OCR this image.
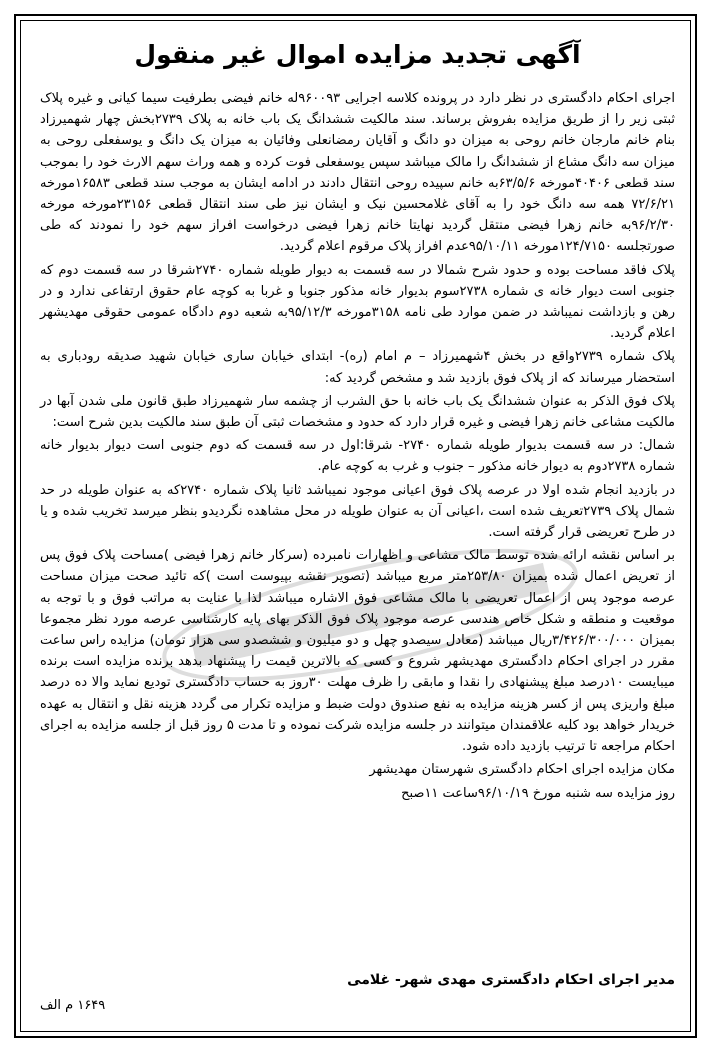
آگهی تجدید مزایده اموال غیر منقول

اجرای احکام دادگستری در نظر دارد در پرونده کلاسه اجرایی ۹۶۰۰۹۳له خانم فیضی بطرفیت سیما کیانی و غیره پلاک ثبتی زیر را از طریق مزایده بفروش برساند. سند مالکیت ششدانگ یک باب خانه به پلاک ۲۷۳۹بخش چهار شهمیرزاد بنام خانم مارجان خانم روحی به میزان دو دانگ و آقایان رمضانعلی وفائیان به میزان یک دانگ و یوسفعلی روحی به میزان سه دانگ مشاع از ششدانگ را مالک میباشد سپس یوسفعلی فوت کرده و همه وراث سهم الارث خود را بموجب سند قطعی ۴۰۴۰۶مورخه ۶۳/۵/۶به خانم سپیده روحی انتقال دادند در ادامه ایشان به موجب سند قطعی ۱۶۵۸۳مورخه ۷۲/۶/۲۱ همه سه دانگ خود را به آقای غلامحسین نیک و ایشان نیز طی سند انتقال قطعی ۲۳۱۵۶مورخه مورخه ۹۶/۲/۳۰به خانم زهرا فیضی منتقل گردید نهایتا خانم زهرا فیضی درخواست افراز سهم خود را نمودند که طی صورتجلسه ۱۲۴/۷۱۵۰مورخه ۹۵/۱۰/۱۱عدم افراز پلاک مرقوم اعلام گردید.

پلاک فاقد مساحت بوده و حدود شرح شمالا در سه قسمت به دیوار طویله شماره ۲۷۴۰شرقا در سه قسمت دوم که جنوبی است دیوار خانه ی شماره ۲۷۳۸سوم بدیوار خانه مذکور جنوبا و غربا به کوچه عام حقوق ارتفاعی ندارد و در رهن و بازداشت نمیباشد در ضمن موارد طی نامه ۳۱۵۸مورخه ۹۵/۱۲/۳به شعبه دوم دادگاه عمومی حقوقی مهدیشهر اعلام گردید.

پلاک شماره ۲۷۳۹واقع در بخش ۴شهمیرزاد – م امام (ره)- ابتدای خیابان ساری خیابان شهید صدیقه رودباری به استحضار میرساند که از پلاک فوق بازدید شد و مشخص گردید که:

پلاک فوق الذکر به عنوان ششدانگ یک باب خانه با حق الشرب از چشمه سار شهمیرزاد طبق قانون ملی شدن آبها در مالکیت مشاعی خانم زهرا فیضی و غیره قرار دارد که حدود و مشخصات ثبتی آن طبق سند مالکیت بدین شرح است:

شمال: در سه قسمت بدیوار طویله شماره ۲۷۴۰- شرقا:اول در سه قسمت که دوم جنوبی است دیوار بدیوار خانه شماره ۲۷۳۸دوم به دیوار خانه مذکور – جنوب و غرب به کوچه عام.

در بازدید انجام شده اولا در عرصه پلاک فوق اعیانی موجود نمیباشد ثانیا پلاک شماره ۲۷۴۰که به عنوان طویله در حد شمال پلاک ۲۷۳۹تعریف شده است ،اعیانی آن به عنوان طویله در محل مشاهده نگردیدو بنظر میرسد تخریب شده و یا در طرح تعریضی قرار گرفته است.

بر اساس نقشه ارائه شده توسط مالک مشاعی و اظهارات نامبرده (سرکار خانم زهرا فیضی )مساحت پلاک فوق پس از تعریض اعمال شده بمیزان ۲۵۳/۸۰متر مربع میباشد (تصویر نقشه بپیوست است )که تائید صحت میزان مساحت عرصه موجود پس از اعمال تعریضی با مالک مشاعی فوق الاشاره میباشد لذا با عنایت به مراتب فوق و با توجه به موقعیت و منطقه و شکل خاص هندسی عرصه موجود پلاک فوق الذکر بهای پایه کارشناسی عرصه مورد نظر مجموعا بمیزان ۳/۴۲۶/۳۰۰/۰۰۰ریال میباشد (معادل سیصدو چهل و دو میلیون و ششصدو سی هزار تومان) مزایده راس ساعت مقرر در اجرای احکام دادگستری مهدیشهر شروع و کسی که بالاترین قیمت را پیشنهاد بدهد برنده مزایده است برنده میبایست ۱۰درصد مبلغ پیشنهادی را نقدا و مابقی را ظرف مهلت ۳۰روز به حساب دادگستری تودیع نماید والا ده درصد مبلغ واریزی پس از کسر هزینه مزایده به نفع صندوق دولت ضبط و مزایده تکرار می گردد هزینه نقل و انتقال به عهده خریدار خواهد بود کلیه علاقمندان میتوانند در جلسه مزایده شرکت نموده و تا مدت ۵ روز قبل از جلسه مزایده به اجرای احکام مراجعه تا ترتیب بازدید داده شود.

مکان مزایده اجرای احکام دادگستری شهرستان مهدیشهر

روز مزایده سه شنبه مورخ ۹۶/۱۰/۱۹ساعت ۱۱صبح

مدیر اجرای احکام دادگستری مهدی شهر- غلامی
۱۶۴۹ م الف
